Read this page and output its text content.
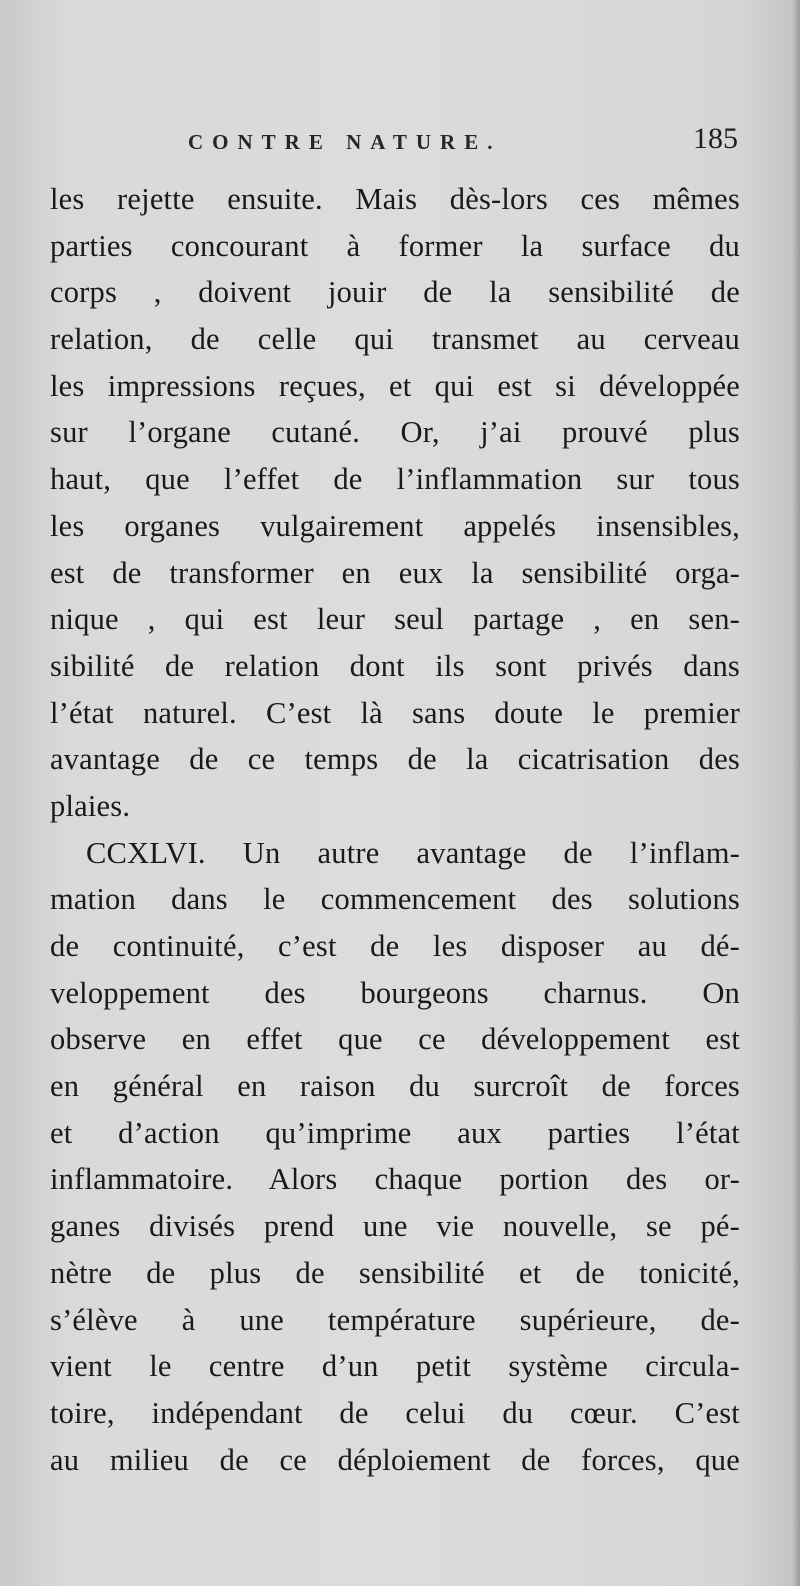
CONTRE NATURE.	185
les rejette ensuite. Mais dès-lors ces mêmes
parties concourant à former la surface du
corps , doivent jouir de la sensibilité de
relation, de celle qui transmet au cerveau
les impressions reçues, et qui est si développée
sur l’organe cutané. Or, j’ai prouvé plus
haut, que l’effet de l’inflammation sur tous
les organes vulgairement appelés insensibles,
est de transformer en eux la sensibilité orga-
nique , qui est leur seul partage , en sen-
sibilité de relation dont ils sont privés dans
l’état naturel. C’est là sans doute le premier
avantage de ce temps de la cicatrisation des
plaies.
CCXLVI. Un autre avantage de l’inflam-
mation dans le commencement des solutions
de continuité, c’est de les disposer au dé-
veloppement des bourgeons charnus. On
observe en effet que ce développement est
en général en raison du surcroît de forces
et d’action qu’imprime aux parties l’état
inflammatoire. Alors chaque portion des or-
ganes divisés prend une vie nouvelle, se pé-
nètre de plus de sensibilité et de tonicité,
s’élève à une température supérieure, de-
vient le centre d’un petit système circula-
toire, indépendant de celui du cœur. C’est
au milieu de ce déploiement de forces, que
